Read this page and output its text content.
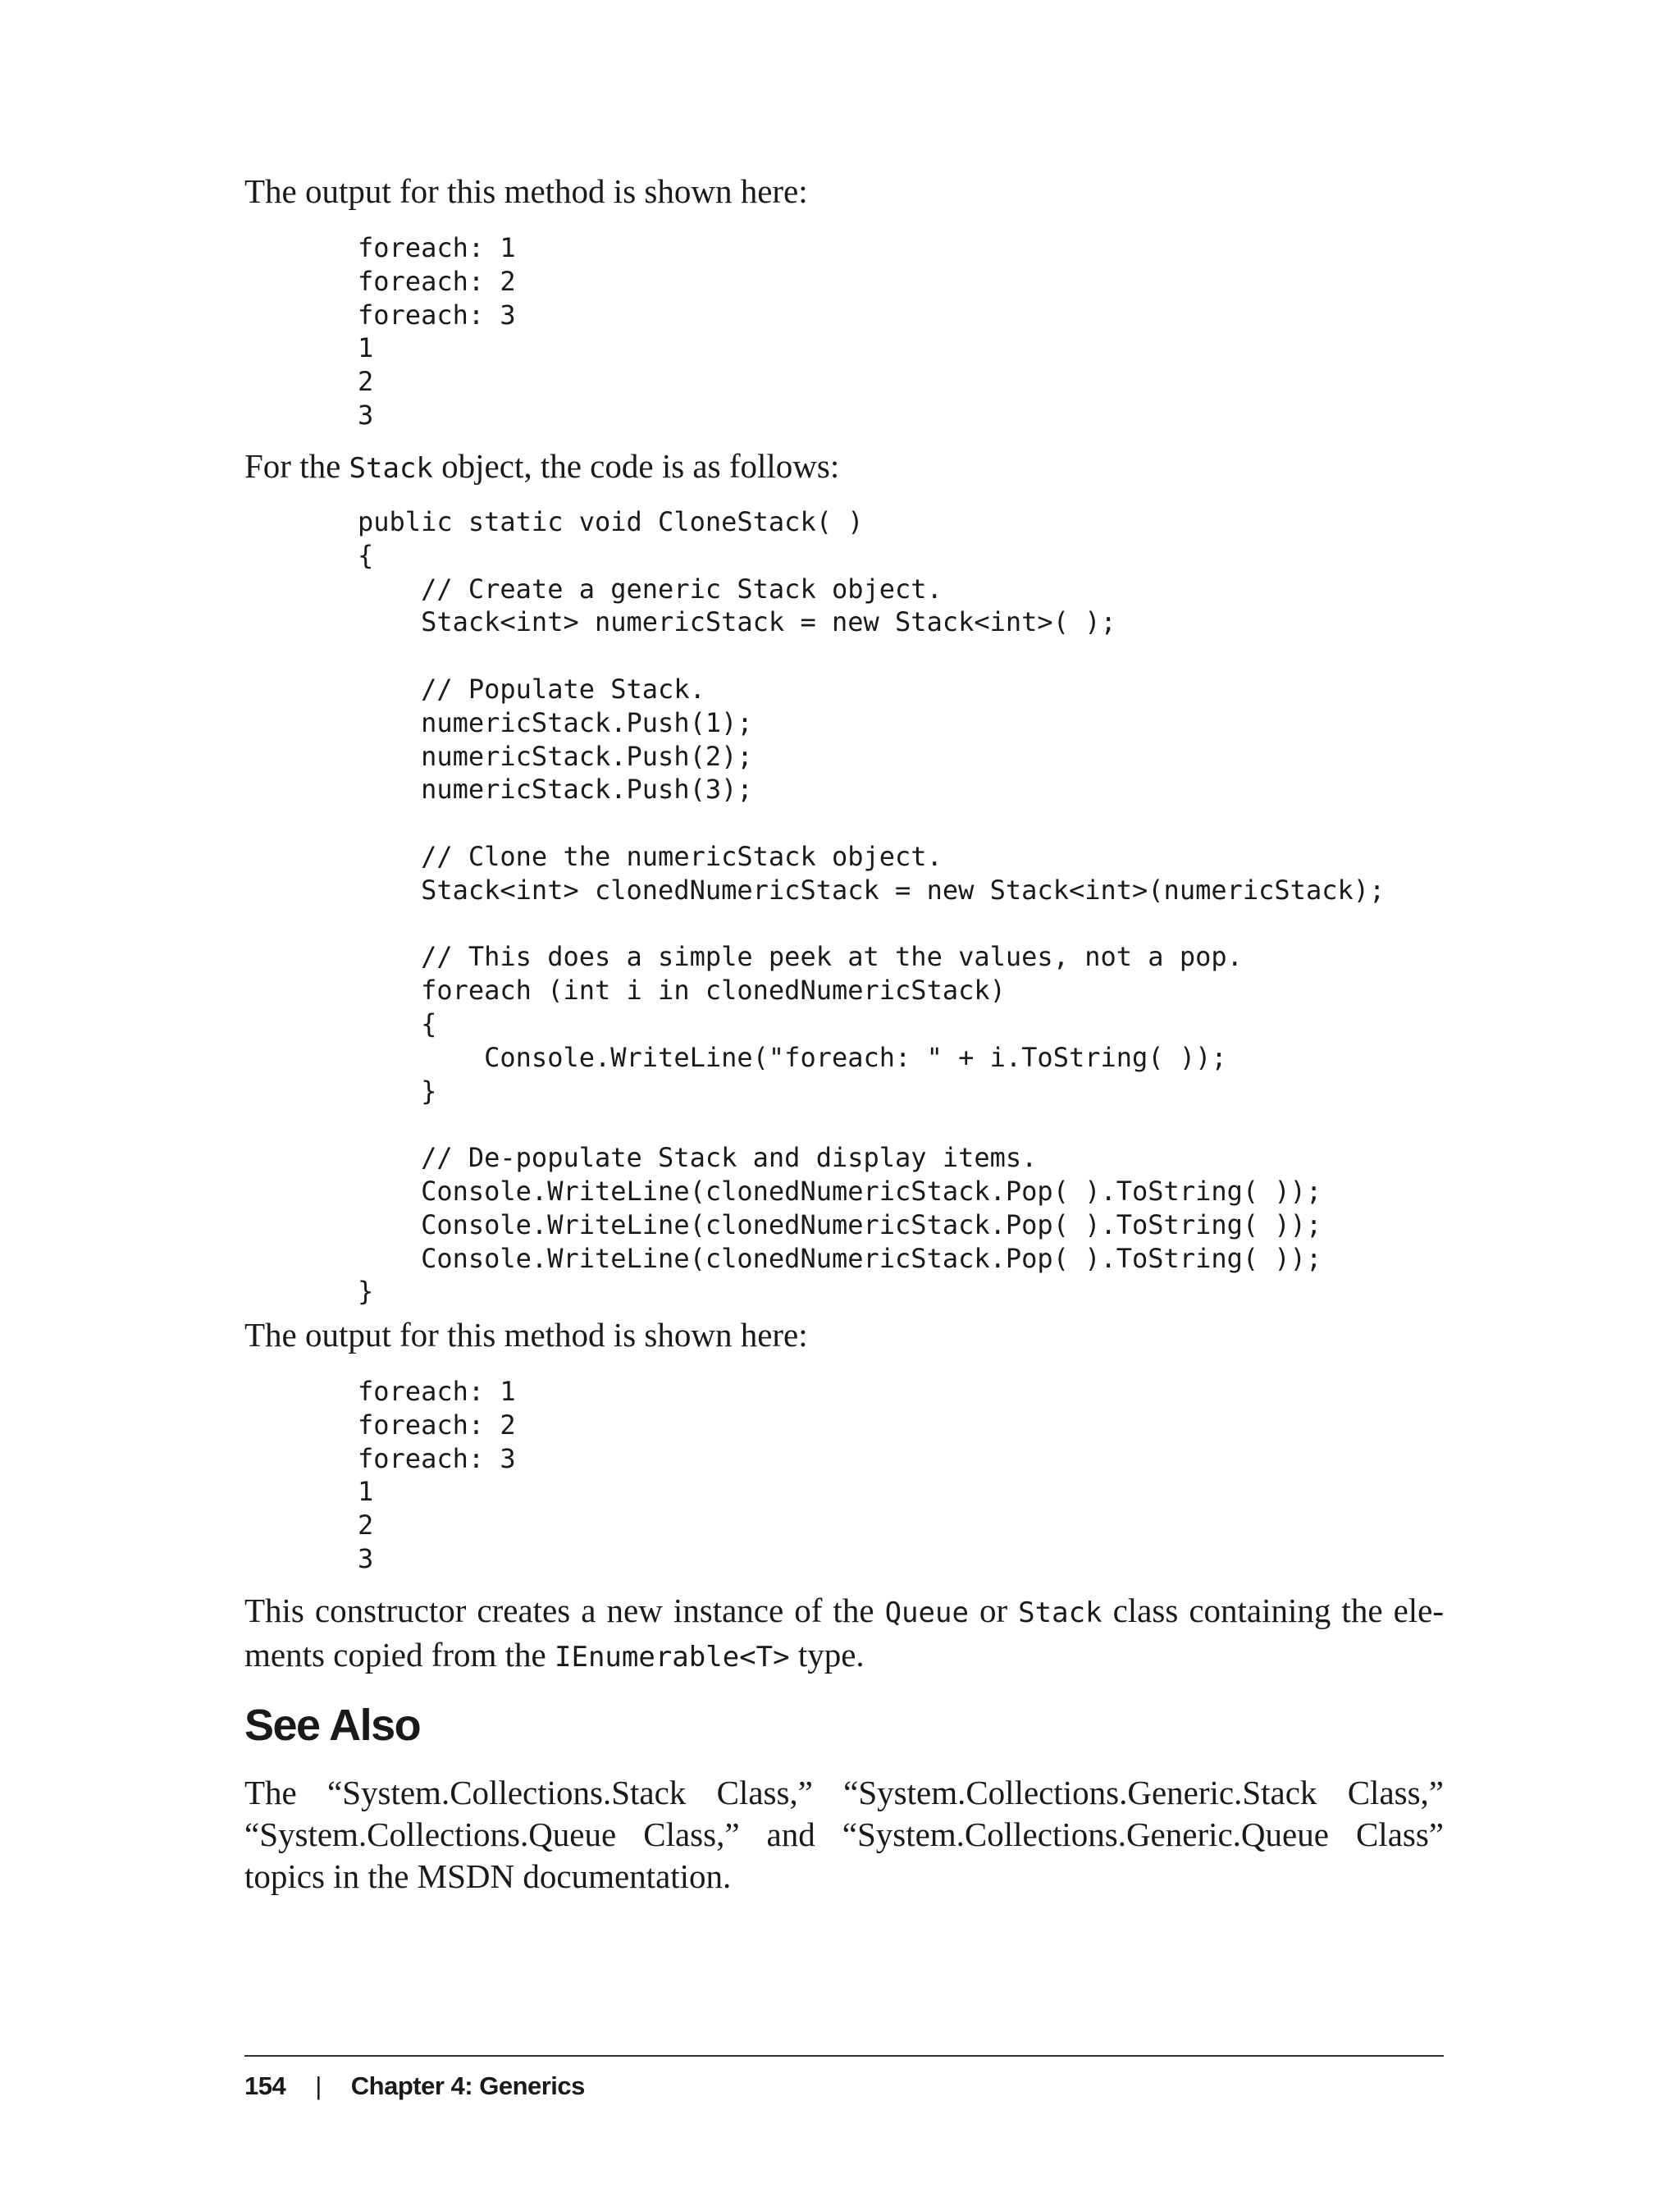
The output for this method is shown here:

foreach: 1
foreach: 2
foreach: 3
1
2
3

For the Stack object, the code is as follows:

public static void CloneStack( )
{
// Create a generic Stack object.
Stack<int> numericStack = new Stack<int>( );

// Populate Stack.
numericStack.Push(1);
numericStack.Push(2);
numericStack.Push(3);

// Clone the numericStack object.
Stack<int> clonedNumericStack = new Stack<int>(numericStack);

// This does a simple peek at the values, not a pop.
foreach (int i in clonedNumericStack)
{
Console.WriteLine("foreach: " + i.ToString( ));
}

// De-populate Stack and display items.
Console.WriteLine(clonedNumericStack.Pop( ).ToString( ));
Console.WriteLine(clonedNumericStack.Pop( ).ToString( ));
Console.WriteLine(clonedNumericStack.Pop( ).ToString( ));
}

The output for this method is shown here:

foreach: 1
foreach: 2
foreach: 3
1
2
3

This constructor creates a new instance of the Queue or Stack class containing the ele-ments copied from the IEnumerable<T> type.

See Also

The “System.Collections.Stack Class,” “System.Collections.Generic.Stack Class,” “System.Collections.Queue Class,” and “System.Collections.Generic.Queue Class” topics in the MSDN documentation.

154 | Chapter 4: Generics
